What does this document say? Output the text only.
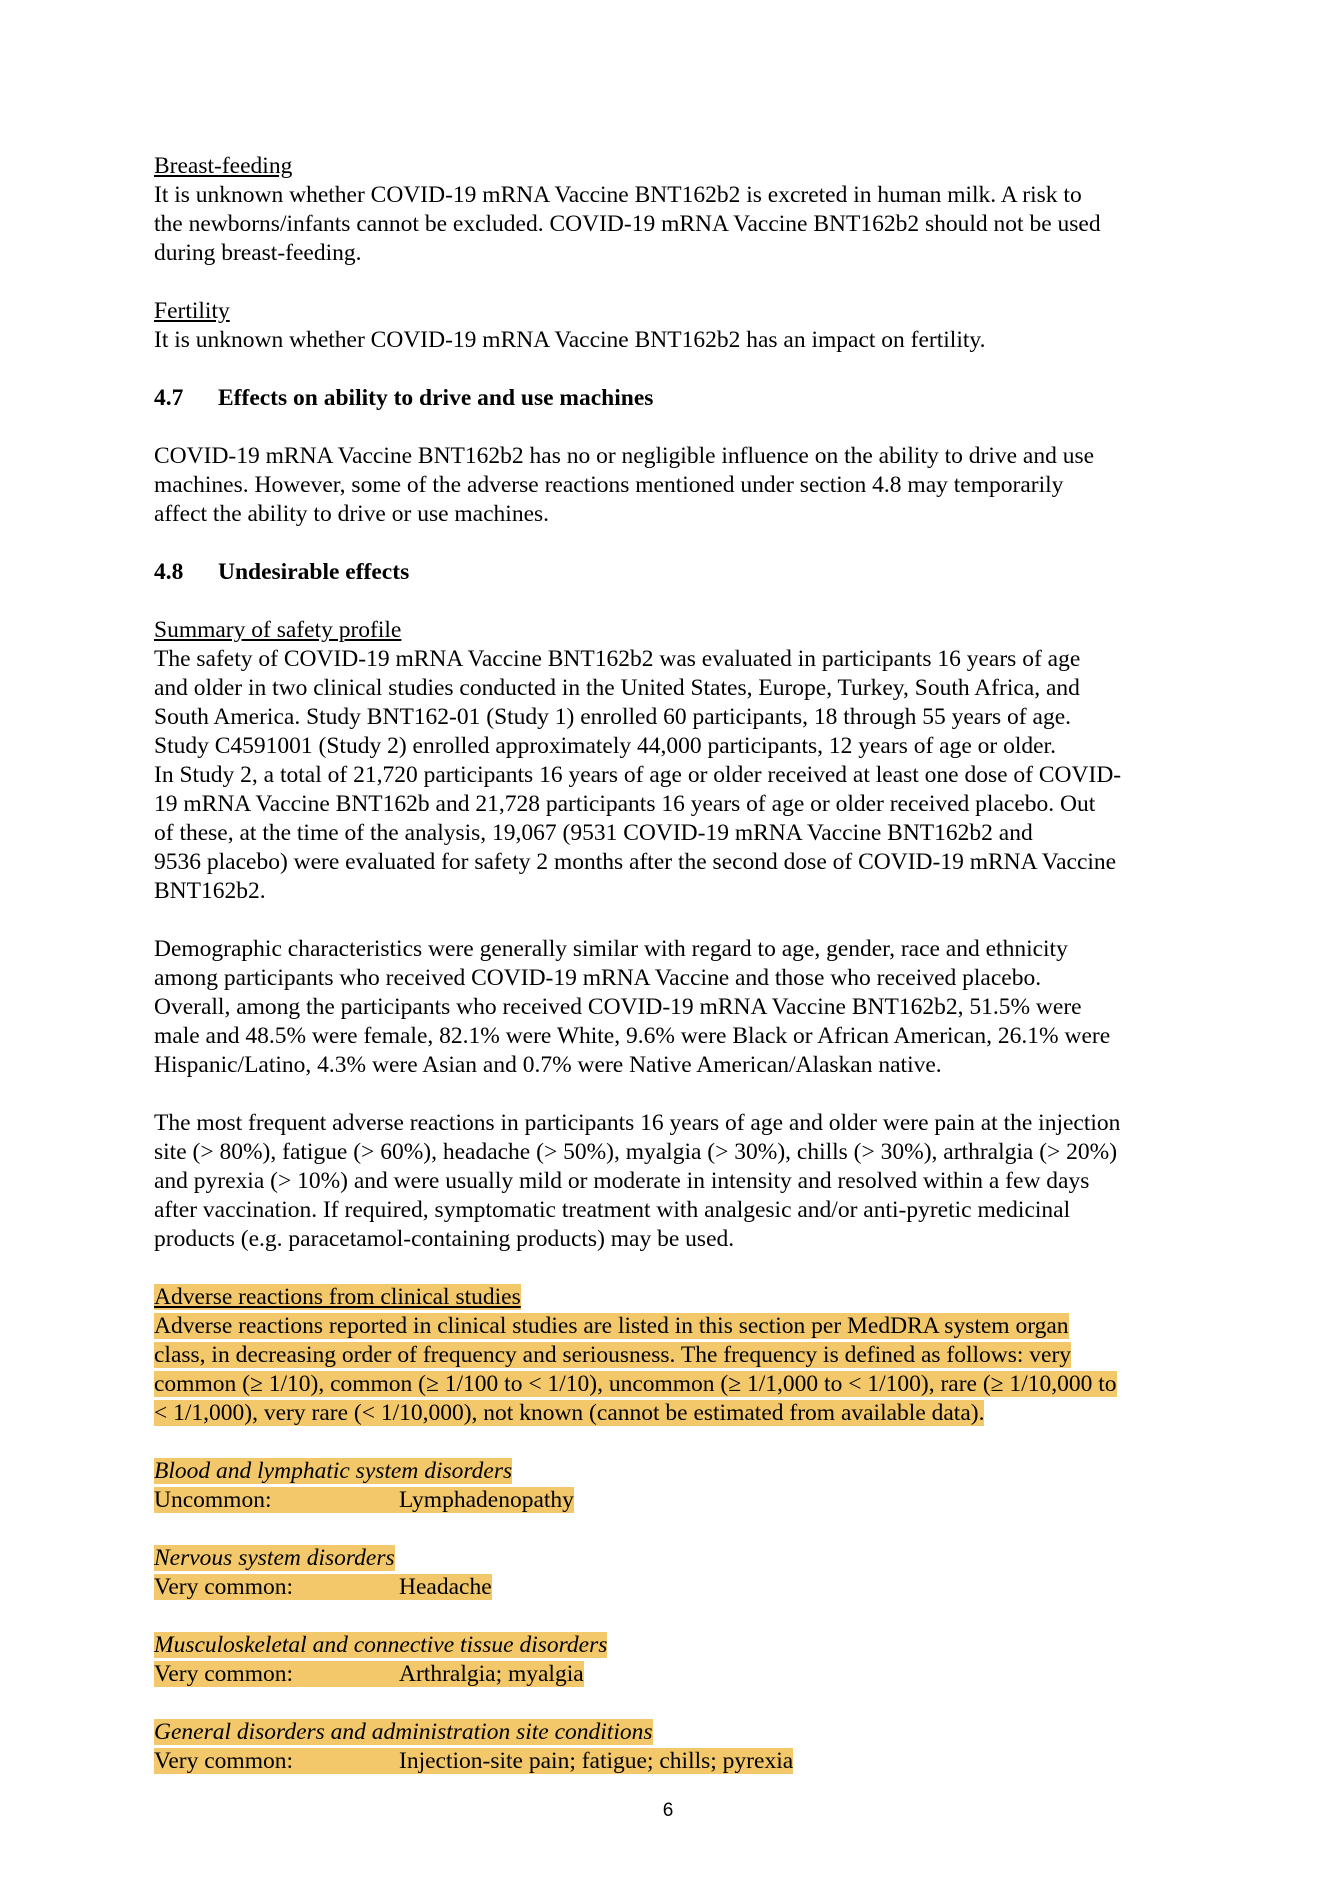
Breast-feeding

It is unknown whether COVID-19 mRNA Vaccine BNT162b2 is excreted in human milk. A risk to

the newborns/infants cannot be excluded. COVID-19 mRNA Vaccine BNT162b2 should not be used

during breast-feeding.

Fertility

It is unknown whether COVID-19 mRNA Vaccine BNT162b2 has an impact on fertility.

4.7 Effects on ability to drive and use machines

COVID-19 mRNA Vaccine BNT162b2 has no or negligible influence on the ability to drive and use

machines. However, some of the adverse reactions mentioned under section 4.8 may temporarily

affect the ability to drive or use machines.

4.8 Undesirable effects

Summary of safety profile

The safety of COVID-19 mRNA Vaccine BNT162b2 was evaluated in participants 16 years of age

and older in two clinical studies conducted in the United States, Europe, Turkey, South Africa, and

South America. Study BNT162-01 (Study 1) enrolled 60 participants, 18 through 55 years of age.

Study C4591001 (Study 2) enrolled approximately 44,000 participants, 12 years of age or older.

In Study 2, a total of 21,720 participants 16 years of age or older received at least one dose of COVID-

19 mRNA Vaccine BNT162b and 21,728 participants 16 years of age or older received placebo. Out

of these, at the time of the analysis, 19,067 (9531 COVID-19 mRNA Vaccine BNT162b2 and

9536 placebo) were evaluated for safety 2 months after the second dose of COVID-19 mRNA Vaccine

BNT162b2.

Demographic characteristics were generally similar with regard to age, gender, race and ethnicity

among participants who received COVID-19 mRNA Vaccine and those who received placebo.

Overall, among the participants who received COVID-19 mRNA Vaccine BNT162b2, 51.5% were

male and 48.5% were female, 82.1% were White, 9.6% were Black or African American, 26.1% were

Hispanic/Latino, 4.3% were Asian and 0.7% were Native American/Alaskan native.

The most frequent adverse reactions in participants 16 years of age and older were pain at the injection

site (> 80%), fatigue (> 60%), headache (> 50%), myalgia (> 30%), chills (> 30%), arthralgia (> 20%)

and pyrexia (> 10%) and were usually mild or moderate in intensity and resolved within a few days

after vaccination. If required, symptomatic treatment with analgesic and/or anti-pyretic medicinal

products (e.g. paracetamol-containing products) may be used.

Adverse reactions from clinical studies

Adverse reactions reported in clinical studies are listed in this section per MedDRA system organ

class, in decreasing order of frequency and seriousness. The frequency is defined as follows: very

common (≥ 1/10), common (≥ 1/100 to < 1/10), uncommon (≥ 1/1,000 to < 1/100), rare (≥ 1/10,000 to

< 1/1,000), very rare (< 1/10,000), not known (cannot be estimated from available data).

Blood and lymphatic system disorders

Uncommon:	Lymphadenopathy

Nervous system disorders

Very common:	Headache

Musculoskeletal and connective tissue disorders

Very common:	Arthralgia; myalgia

General disorders and administration site conditions

Very common:	Injection-site pain; fatigue; chills; pyrexia

6
